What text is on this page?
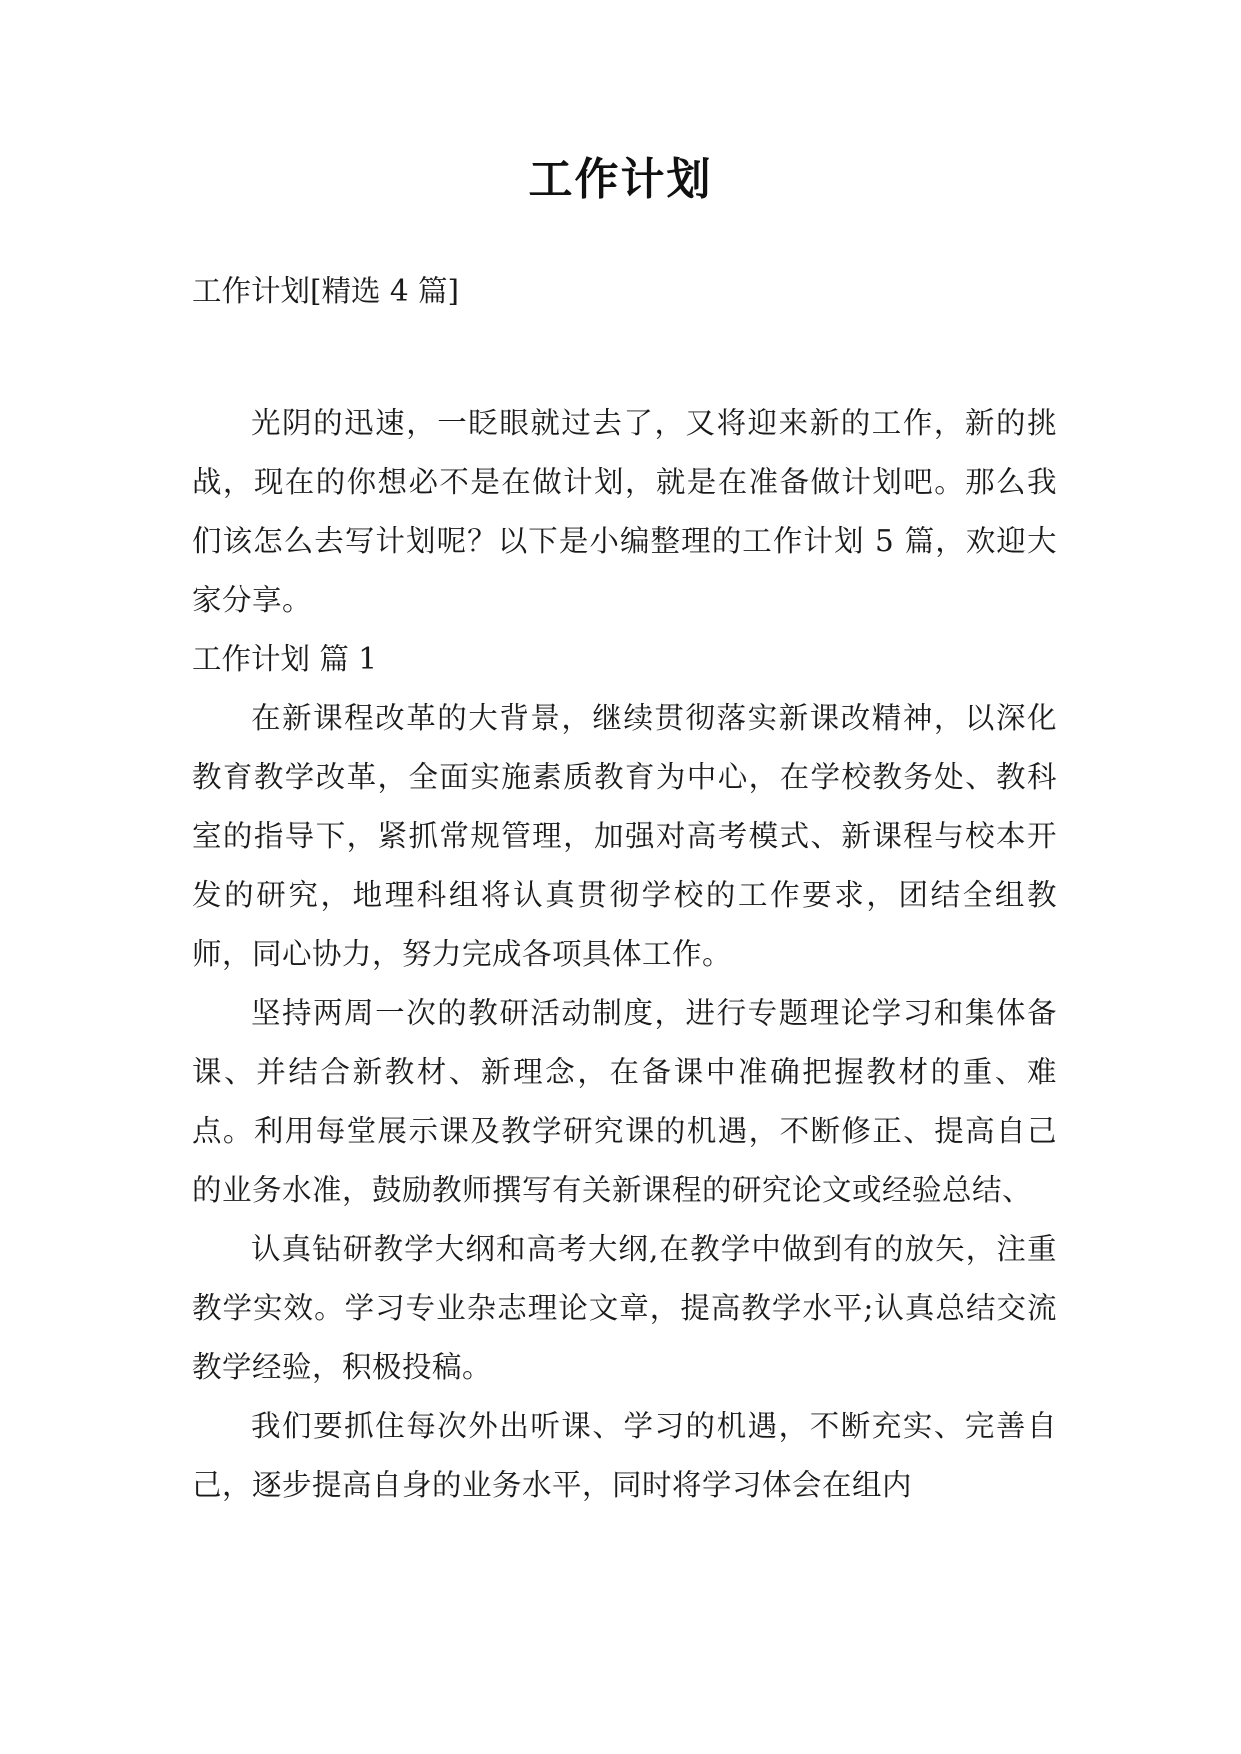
工作计划

工作计划[精选 4 篇]

光阴的迅速，一眨眼就过去了，又将迎来新的工作，新的挑战，现在的你想必不是在做计划，就是在准备做计划吧。那么我们该怎么去写计划呢？以下是小编整理的工作计划 5 篇，欢迎大家分享。

工作计划 篇 1

在新课程改革的大背景，继续贯彻落实新课改精神，以深化教育教学改革，全面实施素质教育为中心，在学校教务处、教科室的指导下，紧抓常规管理，加强对高考模式、新课程与校本开发的研究，地理科组将认真贯彻学校的工作要求，团结全组教师，同心协力，努力完成各项具体工作。

坚持两周一次的教研活动制度，进行专题理论学习和集体备课、并结合新教材、新理念，在备课中准确把握教材的重、难点。利用每堂展示课及教学研究课的机遇，不断修正、提高自己的业务水准，鼓励教师撰写有关新课程的研究论文或经验总结、

认真钻研教学大纲和高考大纲,在教学中做到有的放矢，注重教学实效。学习专业杂志理论文章，提高教学水平;认真总结交流教学经验，积极投稿。

我们要抓住每次外出听课、学习的机遇，不断充实、完善自己，逐步提高自身的业务水平，同时将学习体会在组内
